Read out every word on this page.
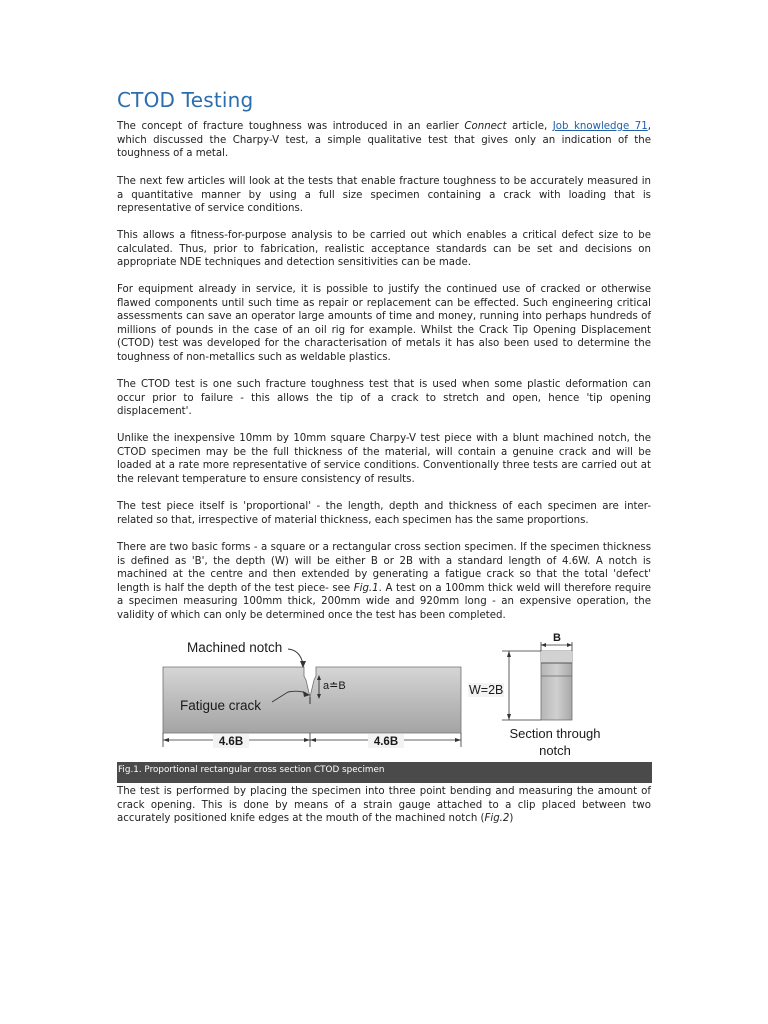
CTOD Testing

The concept of fracture toughness was introduced in an earlier Connect article, Job knowledge 71, which discussed the Charpy-V test, a simple qualitative test that gives only an indication of the toughness of a metal.

The next few articles will look at the tests that enable fracture toughness to be accurately measured in a quantitative manner by using a full size specimen containing a crack with loading that is representative of service conditions.

This allows a fitness-for-purpose analysis to be carried out which enables a critical defect size to be calculated. Thus, prior to fabrication, realistic acceptance standards can be set and decisions on appropriate NDE techniques and detection sensitivities can be made.

For equipment already in service, it is possible to justify the continued use of cracked or otherwise flawed components until such time as repair or replacement can be effected. Such engineering critical assessments can save an operator large amounts of time and money, running into perhaps hundreds of millions of pounds in the case of an oil rig for example. Whilst the Crack Tip Opening Displacement (CTOD) test was developed for the characterisation of metals it has also been used to determine the toughness of non-metallics such as weldable plastics.

The CTOD test is one such fracture toughness test that is used when some plastic deformation can occur prior to failure - this allows the tip of a crack to stretch and open, hence 'tip opening displacement'.

Unlike the inexpensive 10mm by 10mm square Charpy-V test piece with a blunt machined notch, the CTOD specimen may be the full thickness of the material, will contain a genuine crack and will be loaded at a rate more representative of service conditions. Conventionally three tests are carried out at the relevant temperature to ensure consistency of results.

The test piece itself is 'proportional' - the length, depth and thickness of each specimen are inter-related so that, irrespective of material thickness, each specimen has the same proportions.

There are two basic forms - a square or a rectangular cross section specimen. If the specimen thickness is defined as 'B', the depth (W) will be either B or 2B with a standard length of 4.6W. A notch is machined at the centre and then extended by generating a fatigue crack so that the total 'defect' length is half the depth of the test piece- see Fig.1. A test on a 100mm thick weld will therefore require a specimen measuring 100mm thick, 200mm wide and 920mm long - an expensive operation, the validity of which can only be determined once the test has been completed.

Machined notch
Fatigue crack
a≐B
4.6B	4.6B
B
W=2B
Section through
notch
Fig.1. Proportional rectangular cross section CTOD specimen

The test is performed by placing the specimen into three point bending and measuring the amount of crack opening. This is done by means of a strain gauge attached to a clip placed between two accurately positioned knife edges at the mouth of the machined notch (Fig.2)
